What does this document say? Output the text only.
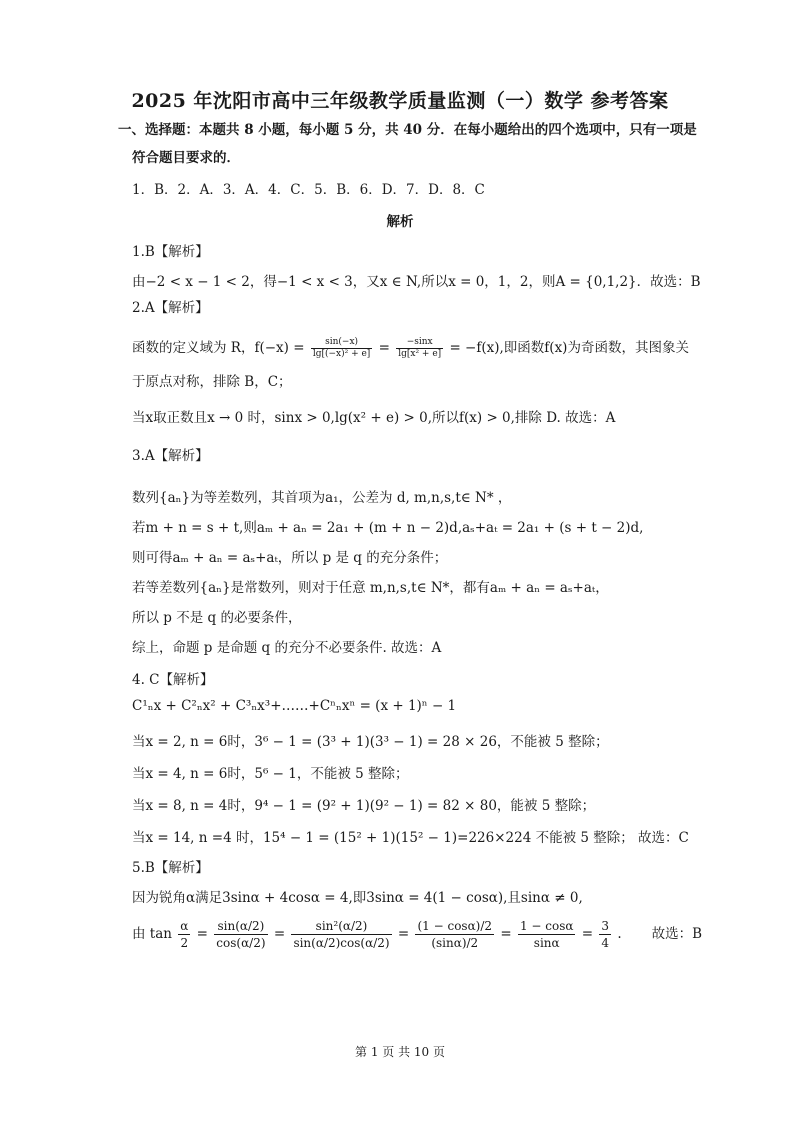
2025 年沈阳市高中三年级教学质量监测（一）数学 参考答案
一、选择题：本题共 8 小题，每小题 5 分，共 40 分．在每小题给出的四个选项中，只有一项是
符合题目要求的．
1．B．2．A．3．A．4．C．5．B．6．D．7．D．8．C
解析
1.B【解析】
由−2 < x − 1 < 2，得−1 < x < 3，又x ∈ N,所以x = 0，1，2，则A = {0,1,2}．故选：B
2.A【解析】
函数的定义域为 R，$f(-x) = \frac{\sin(-x)}{\text{lg[(−x)² + e]}} = \frac{-\sin x}{\text{lg[x² + e]}} = -f(x)$,即函数f(x)为奇函数，其图象关
于原点对称，排除 B，C；
当x取正数且x → 0 时，sinx > 0,lg(x² + e) > 0,所以f(x) > 0,排除 D. 故选：A
3.A【解析】
数列{aₙ}为等差数列，其首项为a₁，公差为 d, m,n,s,t∈ N* ，
若m + n = s + t,则aₘ + aₙ = 2a₁ + (m + n − 2)d,aₛ+aₜ = 2a₁ + (s + t − 2)d,
则可得aₘ + aₙ = aₛ+aₜ，所以 p 是 q 的充分条件；
若等差数列{aₙ}是常数列，则对于任意 m,n,s,t∈ N*，都有aₘ + aₙ = aₛ+aₜ，
所以 p 不是 q 的必要条件，
综上，命题 p 是命题 q 的充分不必要条件. 故选：A
4. C【解析】
C¹ₙx + C²ₙx² + C³ₙx³+……+Cⁿₙxⁿ = (x + 1)ⁿ − 1
当x = 2, n = 6时，3⁶ − 1 = (3³ + 1)(3³ − 1) = 28 × 26，不能被 5 整除；
当x = 4, n = 6时，5⁶ − 1，不能被 5 整除；
当x = 8, n = 4时，9⁴ − 1 = (9² + 1)(9² − 1) = 82 × 80，能被 5 整除；
当x = 14, n =4 时，15⁴ − 1 = (15² + 1)(15² − 1)=226×224 不能被 5 整除； 故选：C
5.B【解析】
因为锐角α满足3sinα + 4cosα = 4,即3sinα = 4(1 − cosα),且sinα ≠ 0,
由 $\tan \frac{\alpha}{2} = \frac{\sin(\alpha/2)}{\cos(\alpha/2)} = \frac{\text{sin²(α/2)}}{\sin(\alpha/2)\cos(\alpha/2)} = \frac{(1 - \cos\alpha)/2}{(\sin\alpha)/2} = \frac{1 - \cos\alpha}{\sin\alpha} = \frac{3}{4}$ .       故选：B
第 1 页 共 10 页
